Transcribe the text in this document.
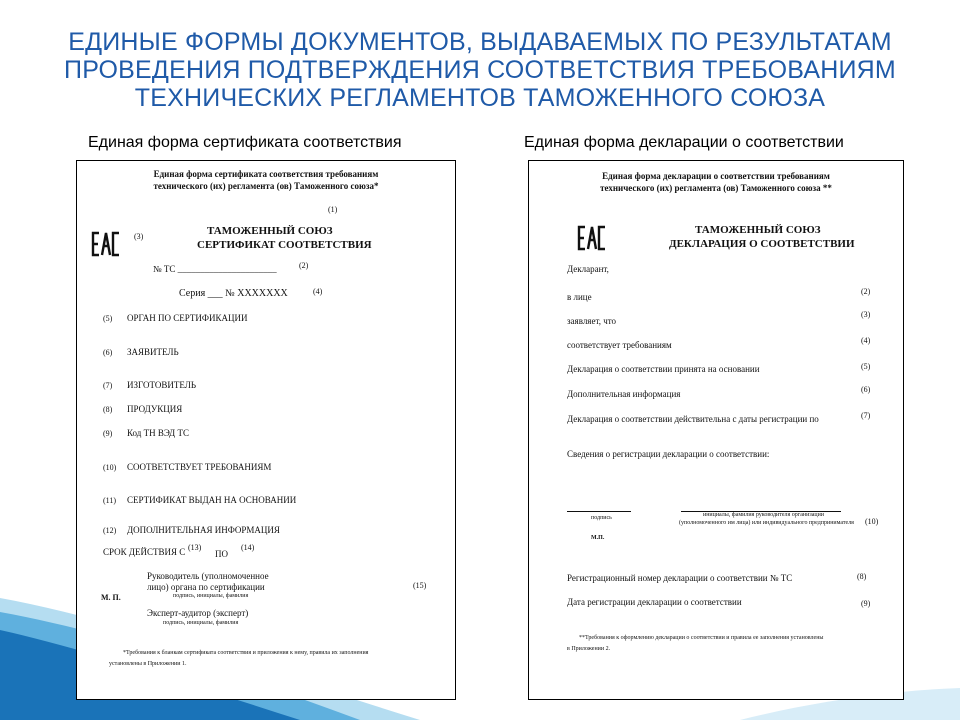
ЕДИНЫЕ ФОРМЫ ДОКУМЕНТОВ, ВЫДАВАЕМЫХ ПО РЕЗУЛЬТАТАМ
ПРОВЕДЕНИЯ ПОДТВЕРЖДЕНИЯ СООТВЕТСТВИЯ ТРЕБОВАНИЯМ
ТЕХНИЧЕСКИХ РЕГЛАМЕНТОВ ТАМОЖЕННОГО СОЮЗА
Единая форма сертификата соответствия	Единая форма декларации о соответствии
Единая форма сертификата соответствия требованиям
технического (их) регламента (ов) Таможенного союза*
(1)
(3)	ТАМОЖЕННЫЙ СОЮЗ
СЕРТИФИКАТ СООТВЕТСТВИЯ
№ ТС ______________________	(2)
Серия ___ № XXXXXXX	(4)
(5) ОРГАН ПО СЕРТИФИКАЦИИ
(6) ЗАЯВИТЕЛЬ
(7) ИЗГОТОВИТЕЛЬ
(8) ПРОДУКЦИЯ
(9) Код ТН ВЭД ТС
(10) СООТВЕТСТВУЕТ ТРЕБОВАНИЯМ
(11) СЕРТИФИКАТ ВЫДАН НА ОСНОВАНИИ
(12) ДОПОЛНИТЕЛЬНАЯ ИНФОРМАЦИЯ
СРОК ДЕЙСТВИЯ С (13)
ПО
(14)
Руководитель (уполномоченное
лицо) органа по сертификации
подпись, инициалы, фамилия
М. П.
(15)
Эксперт-аудитор (эксперт)
подпись, инициалы, фамилия
*Требования к бланкам сертификата соответствия и приложения к нему, правила их заполнения
установлены в Приложении 1.
Единая форма декларации о соответствии требованиям
технического (их) регламента (ов) Таможенного союза **
ТАМОЖЕННЫЙ СОЮЗ
ДЕКЛАРАЦИЯ О СООТВЕТСТВИИ
Декларант,
в лице
(2)
заявляет, что
(3)
соответствует требованиям	(4)
Декларация о соответствии принята на основании	(5)
Дополнительная информация	(6)
Декларация о соответствии действительна с даты регистрации по	(7)
Сведения о регистрации декларации о соответствии:
подпись	инициалы, фамилия руководителя организации
(уполномоченного им лица) или индивидуального предпринимателя (10)
М.П.
Регистрационный номер декларации о соответствии № ТС	(8)
Дата регистрации декларации о соответствии	(9)
**Требования к оформлению декларации о соответствии и правила ее заполнения установлены
в Приложении 2.
